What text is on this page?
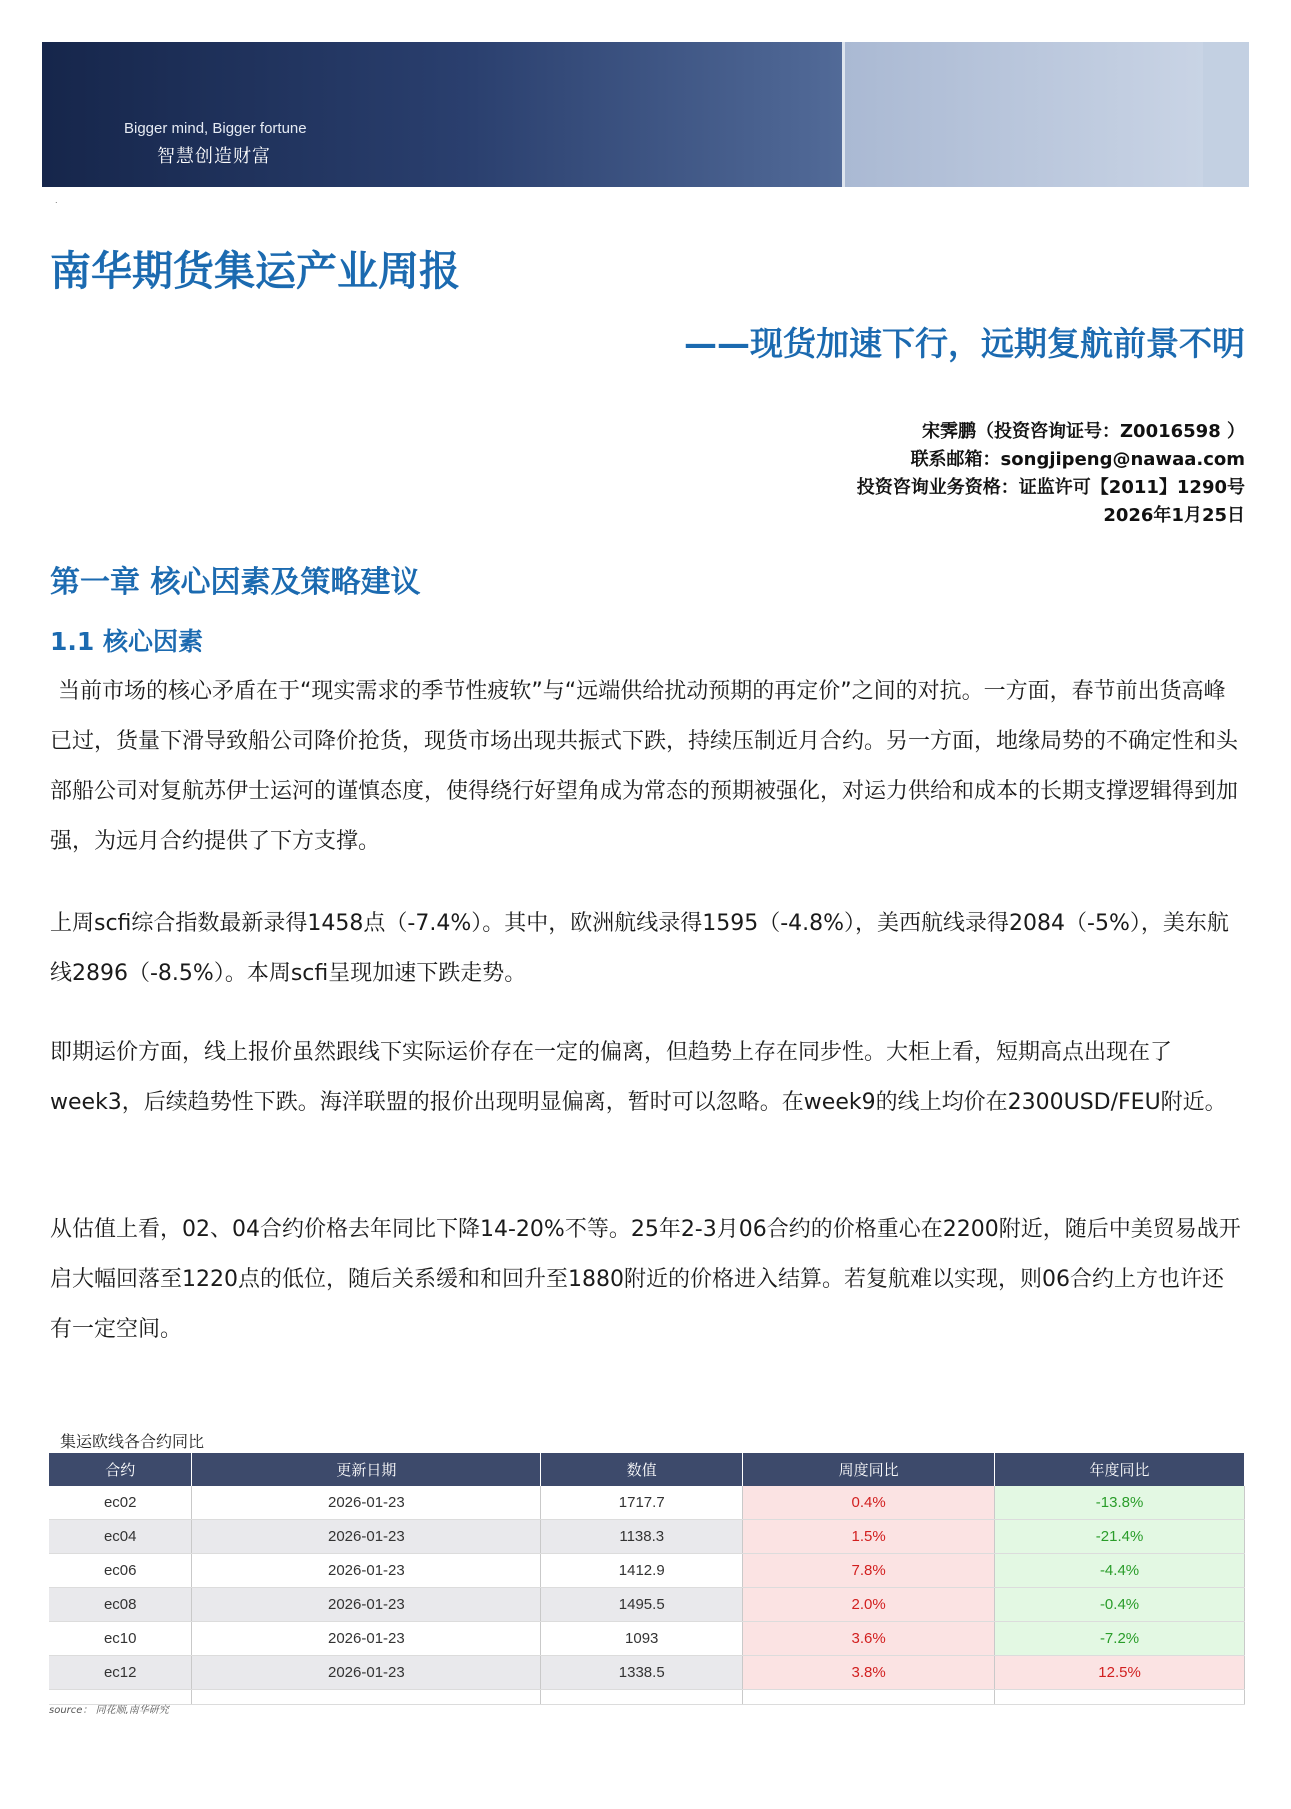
Bigger mind, Bigger fortune
智慧创造财富
.
南华期货集运产业周报
——现货加速下行，远期复航前景不明
宋霁鹏（投资咨询证号：Z0016598 ）
联系邮箱：songjipeng@nawaa.com
投资咨询业务资格：证监许可【2011】1290号
2026年1月25日
第一章 核心因素及策略建议
1.1 核心因素

当前市场的核心矛盾在于“现实需求的季节性疲软”与“远端供给扰动预期的再定价”之间的对抗。一方面，春节前出货高峰已过，货量下滑导致船公司降价抢货，现货市场出现共振式下跌，持续压制近月合约。另一方面，地缘局势的不确定性和头部船公司对复航苏伊士运河的谨慎态度，使得绕行好望角成为常态的预期被强化，对运力供给和成本的长期支撑逻辑得到加强，为远月合约提供了下方支撑。

上周scfi综合指数最新录得1458点（-7.4%）。其中，欧洲航线录得1595（-4.8%），美西航线录得2084（-5%），美东航线2896（-8.5%）。本周scfi呈现加速下跌走势。

即期运价方面，线上报价虽然跟线下实际运价存在一定的偏离，但趋势上存在同步性。大柜上看，短期高点出现在了week3，后续趋势性下跌。海洋联盟的报价出现明显偏离，暂时可以忽略。在week9的线上均价在2300USD/FEU附近。

从估值上看，02、04合约价格去年同比下降14-20%不等。25年2-3月06合约的价格重心在2200附近，随后中美贸易战开启大幅回落至1220点的低位，随后关系缓和和回升至1880附近的价格进入结算。若复航难以实现，则06合约上方也许还有一定空间。

集运欧线各合约同比
合约	更新日期	数值	周度同比	年度同比
ec02	2026-01-23	1717.7	0.4%	-13.8%
ec04	2026-01-23	1138.3	1.5%	-21.4%
ec06	2026-01-23	1412.9	7.8%	-4.4%
ec08	2026-01-23	1495.5	2.0%	-0.4%
ec10	2026-01-23	1093	3.6%	-7.2%
ec12	2026-01-23	1338.5	3.8%	12.5%

source： 同花顺,南华研究
